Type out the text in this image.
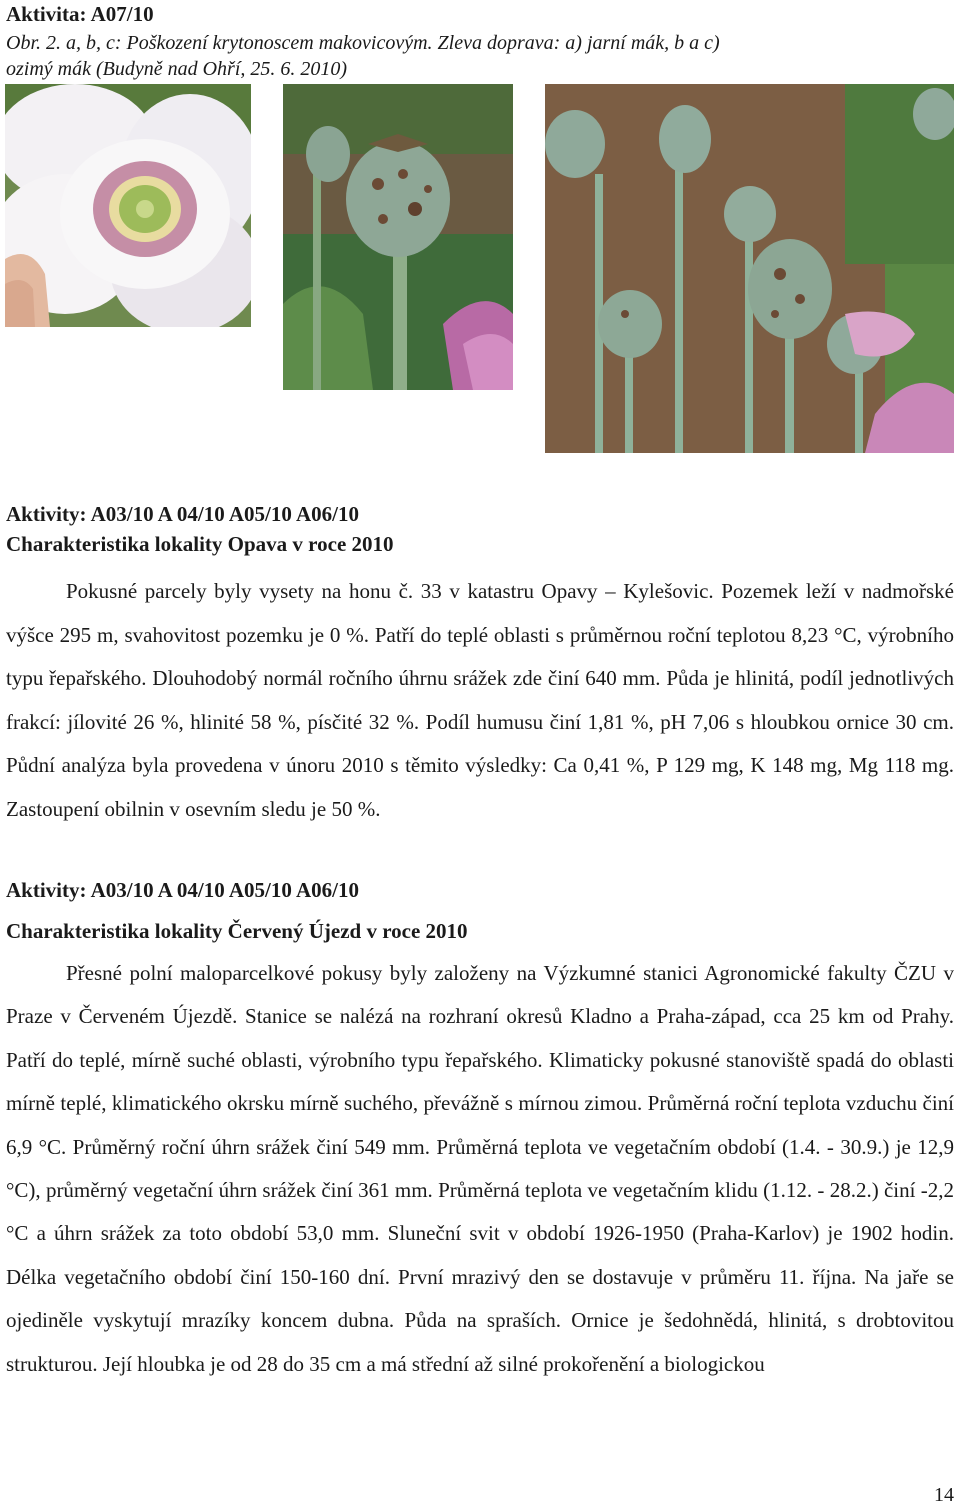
Aktivita: A07/10
Obr. 2. a, b, c: Poškození krytonoscem makovicovým. Zleva doprava: a) jarní mák, b a c)
ozimý mák (Budyně nad Ohří, 25. 6. 2010)
Aktivity: A03/10 A 04/10 A05/10 A06/10
Charakteristika lokality Opava v roce 2010

Pokusné parcely byly vysety na honu č. 33 v katastru Opavy – Kylešovic. Pozemek leží v nadmořské výšce 295 m, svahovitost pozemku je 0 %. Patří do teplé oblasti s průměrnou roční teplotou 8,23 °C, výrobního typu řepařského. Dlouhodobý normál ročního úhrnu srážek zde činí 640 mm. Půda je hlinitá, podíl jednotlivých frakcí: jílovité 26 %, hlinité 58 %, písčité 32 %. Podíl humusu činí 1,81 %, pH 7,06 s hloubkou ornice 30 cm. Půdní analýza byla provedena v únoru 2010 s těmito výsledky: Ca 0,41 %, P 129 mg, K 148 mg, Mg 118 mg. Zastoupení obilnin v osevním sledu je 50 %.

Aktivity: A03/10 A 04/10 A05/10 A06/10
Charakteristika lokality Červený Újezd v roce 2010

Přesné polní maloparcelkové pokusy byly založeny na Výzkumné stanici Agronomické fakulty ČZU v Praze v Červeném Újezdě. Stanice se nalézá na rozhraní okresů Kladno a Praha-západ, cca 25 km od Prahy. Patří do teplé, mírně suché oblasti, výrobního typu řepařského. Klimaticky pokusné stanoviště spadá do oblasti mírně teplé, klimatického okrsku mírně suchého, převážně s mírnou zimou. Průměrná roční teplota vzduchu činí 6,9 °C. Průměrný roční úhrn srážek činí 549 mm. Průměrná teplota ve vegetačním období (1.4. - 30.9.) je 12,9 °C), průměrný vegetační úhrn srážek činí 361 mm. Průměrná teplota ve vegetačním klidu (1.12. - 28.2.) činí -2,2 °C a úhrn srážek za toto období 53,0 mm. Sluneční svit v období 1926-1950 (Praha-Karlov) je 1902 hodin. Délka vegetačního období činí 150-160 dní. První mrazivý den se dostavuje v průměru 11. října. Na jaře se ojediněle vyskytují mrazíky koncem dubna. Půda na spraších. Ornice je šedohnědá, hlinitá, s drobtovitou strukturou. Její hloubka je od 28 do 35 cm a má střední až silné prokořenění a biologickou

14
